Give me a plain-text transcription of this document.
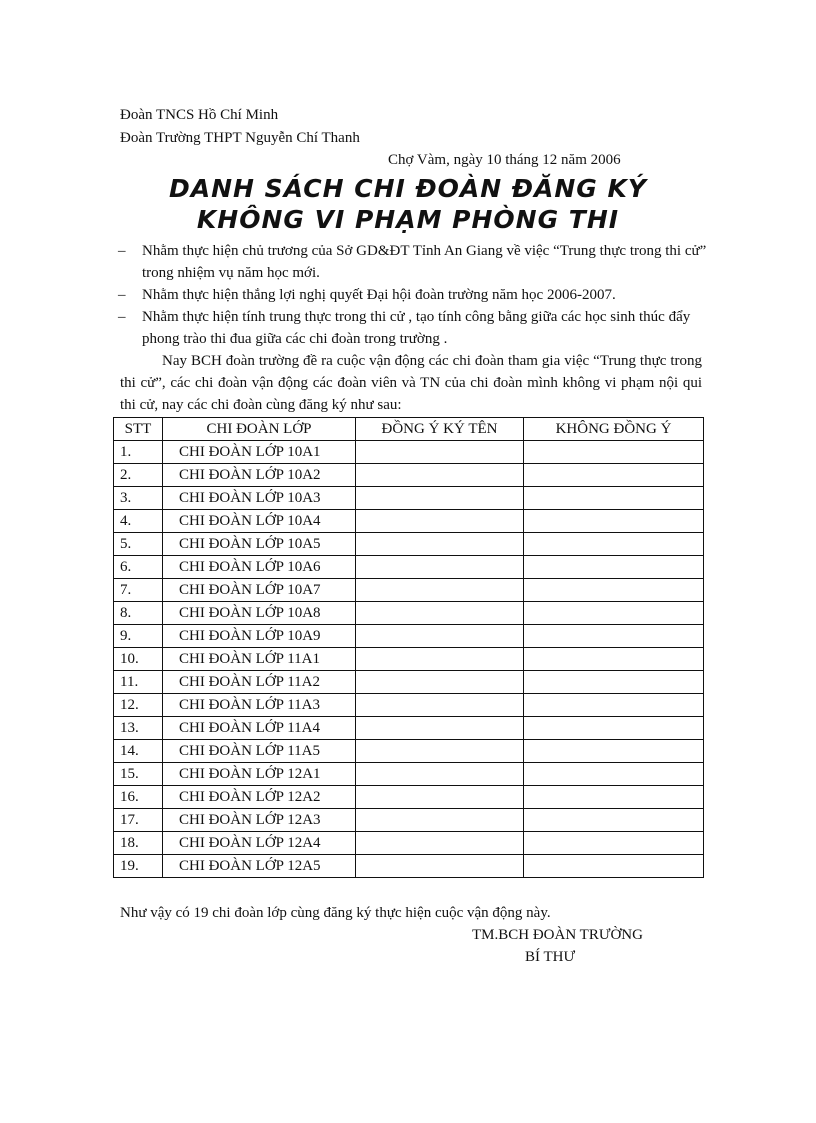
Đoàn TNCS Hồ Chí Minh
Đoàn Trường THPT Nguyễn Chí Thanh
Chợ Vàm, ngày 10 tháng 12 năm 2006
DANH SÁCH CHI ĐOÀN ĐĂNG KÝ
KHÔNG VI PHẠM PHÒNG THI
– Nhằm thực hiện chủ trương của Sở GD&ĐT Tỉnh An Giang về việc “Trung thực trong thi cử” trong nhiệm vụ năm học mới.
– Nhằm thực hiện thắng lợi nghị quyết Đại hội đoàn trường năm học 2006-2007.
– Nhằm thực hiện tính trung thực trong thi cử , tạo tính công bằng giữa các học sinh thúc đẩy phong trào thi đua giữa các chi đoàn trong trường .
Nay BCH đoàn trường đề ra cuộc vận động các chi đoàn tham gia việc “Trung thực trong thi cử”, các chi đoàn vận động các đoàn viên và TN của chi đoàn mình không vi phạm nội qui thi cử, nay các chi đoàn cùng đăng ký như sau:
STT	CHI ĐOÀN LỚP	ĐỒNG Ý KÝ TÊN	KHÔNG ĐỒNG Ý
1.	CHI ĐOÀN LỚP 10A1		
2.	CHI ĐOÀN LỚP 10A2		
3.	CHI ĐOÀN LỚP 10A3		
4.	CHI ĐOÀN LỚP 10A4		
5.	CHI ĐOÀN LỚP 10A5		
6.	CHI ĐOÀN LỚP 10A6		
7.	CHI ĐOÀN LỚP 10A7		
8.	CHI ĐOÀN LỚP 10A8		
9.	CHI ĐOÀN LỚP 10A9		
10.	CHI ĐOÀN LỚP 11A1		
11.	CHI ĐOÀN LỚP 11A2		
12.	CHI ĐOÀN LỚP 11A3		
13.	CHI ĐOÀN LỚP 11A4		
14.	CHI ĐOÀN LỚP 11A5		
15.	CHI ĐOÀN LỚP 12A1		
16.	CHI ĐOÀN LỚP 12A2		
17.	CHI ĐOÀN LỚP 12A3		
18.	CHI ĐOÀN LỚP 12A4		
19.	CHI ĐOÀN LỚP 12A5		
Như vậy có 19 chi đoàn lớp cùng đăng ký thực hiện cuộc vận động này.
TM.BCH ĐOÀN TRƯỜNG
BÍ THƯ
